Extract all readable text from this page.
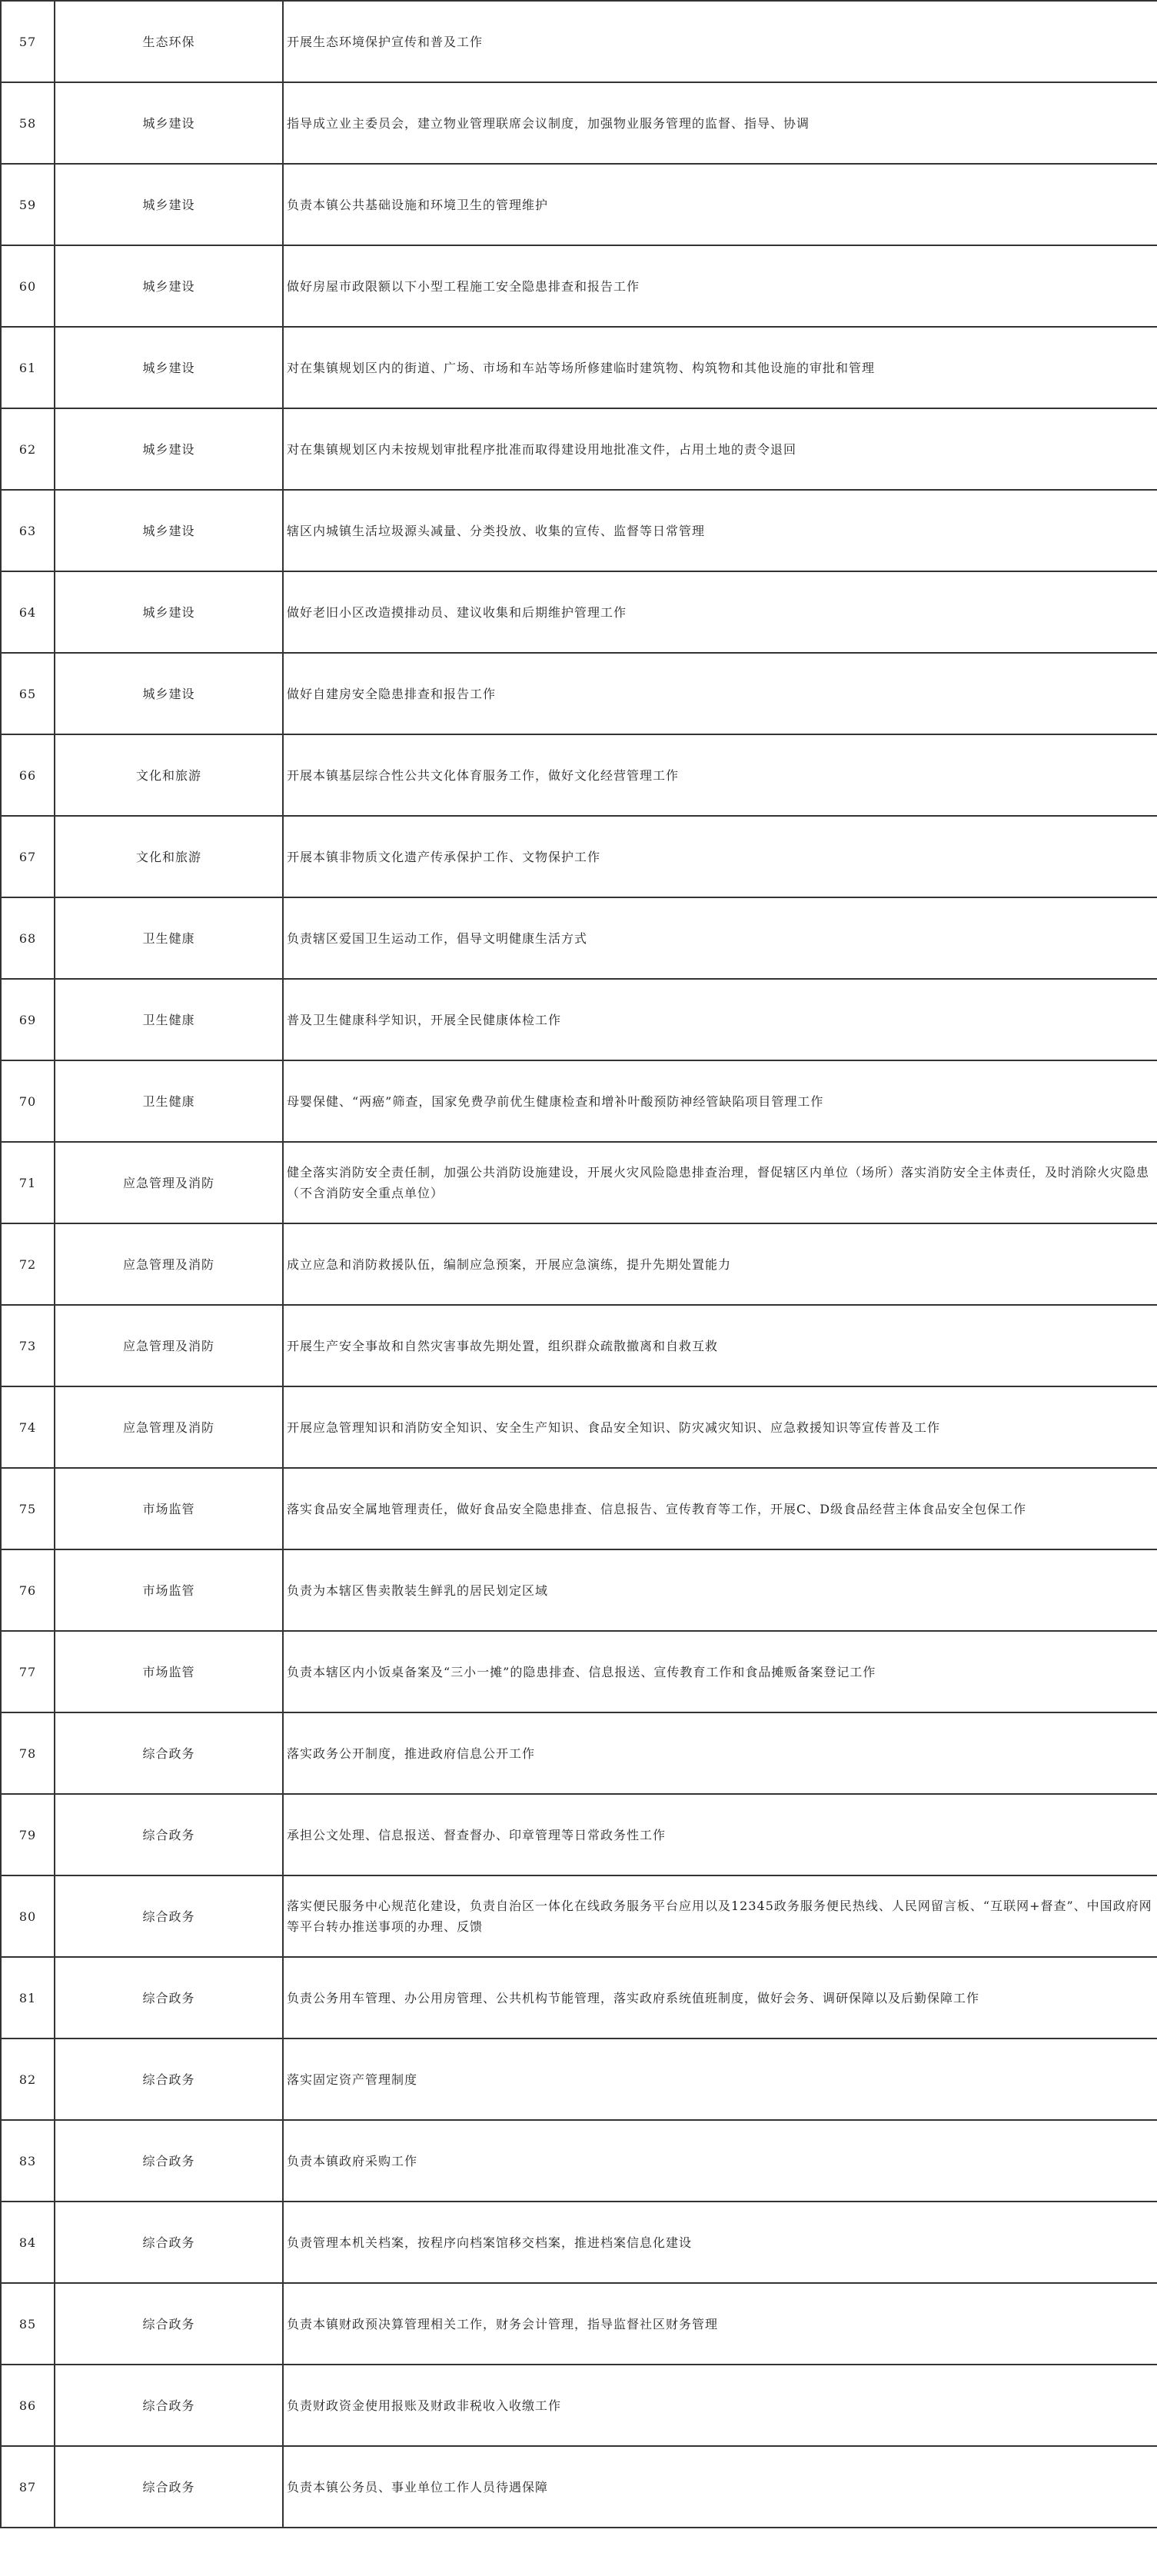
57	生态环保	开展生态环境保护宣传和普及工作
58	城乡建设	指导成立业主委员会，建立物业管理联席会议制度，加强物业服务管理的监督、指导、协调
59	城乡建设	负责本镇公共基础设施和环境卫生的管理维护
60	城乡建设	做好房屋市政限额以下小型工程施工安全隐患排查和报告工作
61	城乡建设	对在集镇规划区内的街道、广场、市场和车站等场所修建临时建筑物、构筑物和其他设施的审批和管理
62	城乡建设	对在集镇规划区内未按规划审批程序批准而取得建设用地批准文件，占用土地的责令退回
63	城乡建设	辖区内城镇生活垃圾源头减量、分类投放、收集的宣传、监督等日常管理
64	城乡建设	做好老旧小区改造摸排动员、建议收集和后期维护管理工作
65	城乡建设	做好自建房安全隐患排查和报告工作
66	文化和旅游	开展本镇基层综合性公共文化体育服务工作，做好文化经营管理工作
67	文化和旅游	开展本镇非物质文化遗产传承保护工作、文物保护工作
68	卫生健康	负责辖区爱国卫生运动工作，倡导文明健康生活方式
69	卫生健康	普及卫生健康科学知识，开展全民健康体检工作
70	卫生健康	母婴保健、“两癌”筛查，国家免费孕前优生健康检查和增补叶酸预防神经管缺陷项目管理工作
71	应急管理及消防	健全落实消防安全责任制，加强公共消防设施建设，开展火灾风险隐患排查治理，督促辖区内单位（场所）落实消防安全主体责任，及时消除火灾隐患（不含消防安全重点单位）
72	应急管理及消防	成立应急和消防救援队伍，编制应急预案，开展应急演练，提升先期处置能力
73	应急管理及消防	开展生产安全事故和自然灾害事故先期处置，组织群众疏散撤离和自救互救
74	应急管理及消防	开展应急管理知识和消防安全知识、安全生产知识、食品安全知识、防灾减灾知识、应急救援知识等宣传普及工作
75	市场监管	落实食品安全属地管理责任，做好食品安全隐患排查、信息报告、宣传教育等工作，开展C、D级食品经营主体食品安全包保工作
76	市场监管	负责为本辖区售卖散装生鲜乳的居民划定区域
77	市场监管	负责本辖区内小饭桌备案及“三小一摊”的隐患排查、信息报送、宣传教育工作和食品摊贩备案登记工作
78	综合政务	落实政务公开制度，推进政府信息公开工作
79	综合政务	承担公文处理、信息报送、督查督办、印章管理等日常政务性工作
80	综合政务	落实便民服务中心规范化建设，负责自治区一体化在线政务服务平台应用以及12345政务服务便民热线、人民网留言板、“互联网+督查”、中国政府网等平台转办推送事项的办理、反馈
81	综合政务	负责公务用车管理、办公用房管理、公共机构节能管理，落实政府系统值班制度，做好会务、调研保障以及后勤保障工作
82	综合政务	落实固定资产管理制度
83	综合政务	负责本镇政府采购工作
84	综合政务	负责管理本机关档案，按程序向档案馆移交档案，推进档案信息化建设
85	综合政务	负责本镇财政预决算管理相关工作，财务会计管理，指导监督社区财务管理
86	综合政务	负责财政资金使用报账及财政非税收入收缴工作
87	综合政务	负责本镇公务员、事业单位工作人员待遇保障
